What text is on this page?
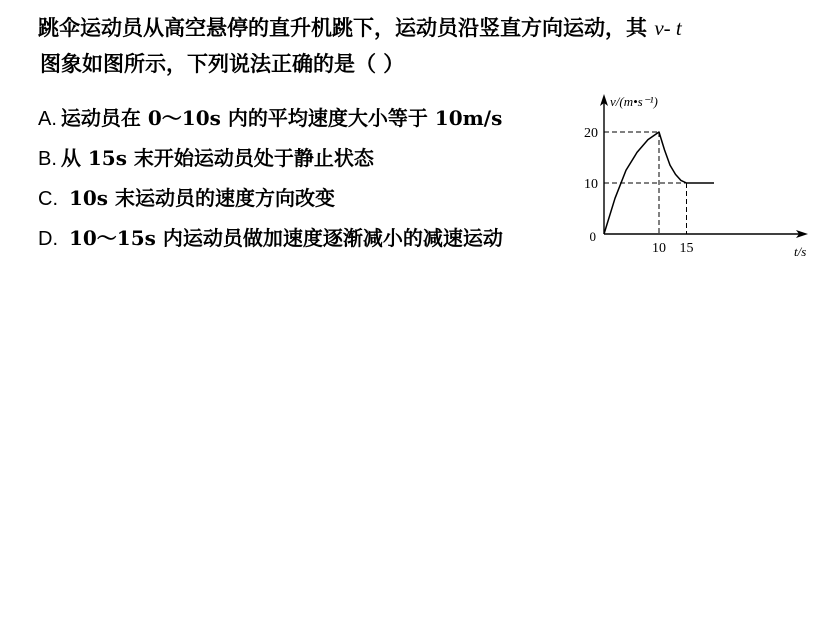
跳伞运动员从高空悬停的直升机跳下，运动员沿竖直方向运动，其 v- t
图象如图所示，下列说法正确的是（ ）
A. 运动员在 0～10s 内的平均速度大小等于 10m/s
B. 从 15s 末开始运动员处于静止状态
C. 10s 末运动员的速度方向改变
D. 10～15s 内运动员做加速度逐渐减小的减速运动	10 15
10
20
0
v/(m•s⁻¹)
t/s
